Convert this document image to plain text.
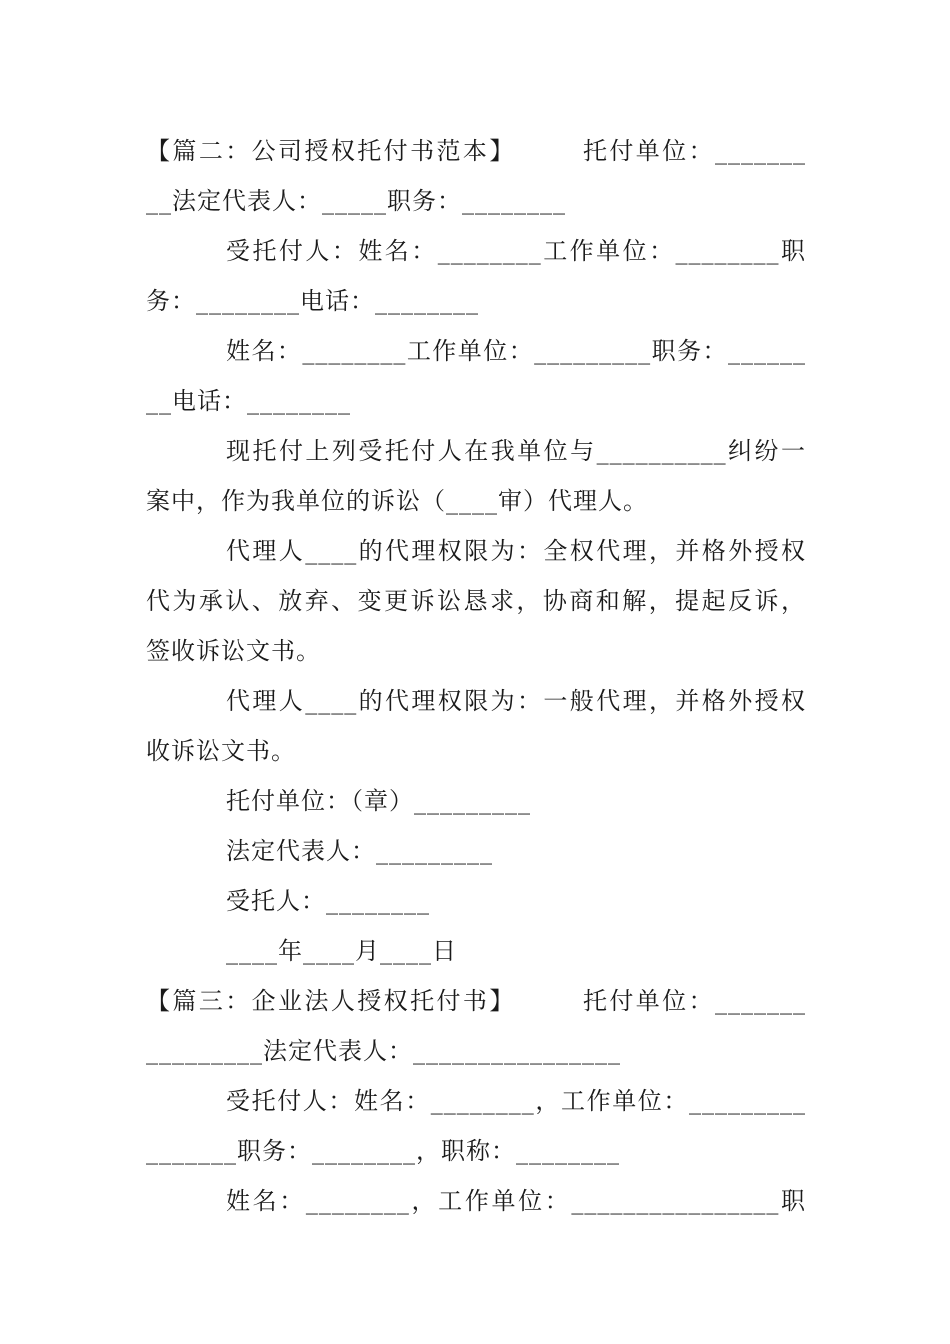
【篇二：公司授权托付书范本】　　　托付单位：_______
__法定代表人：_____职务：________
受托付人：姓名：________工作单位：________职
务：________电话：________
姓名：________工作单位：_________职务：______
__电话：________
现托付上列受托付人在我单位与__________纠纷一
案中，作为我单位的诉讼（____审）代理人。
代理人____的代理权限为：全权代理，并格外授权
代为承认、放弃、变更诉讼恳求，协商和解，提起反诉，
签收诉讼文书。
代理人____的代理权限为：一般代理，并格外授权
收诉讼文书。
托付单位：（章）_________
法定代表人：_________
受托人：________
____年____月____日
【篇三：企业法人授权托付书】　　　托付单位：_______
_________法定代表人：________________
受托付人：姓名：________，工作单位：_________
_______职务：________，职称：________
姓名：________，工作单位：________________职
